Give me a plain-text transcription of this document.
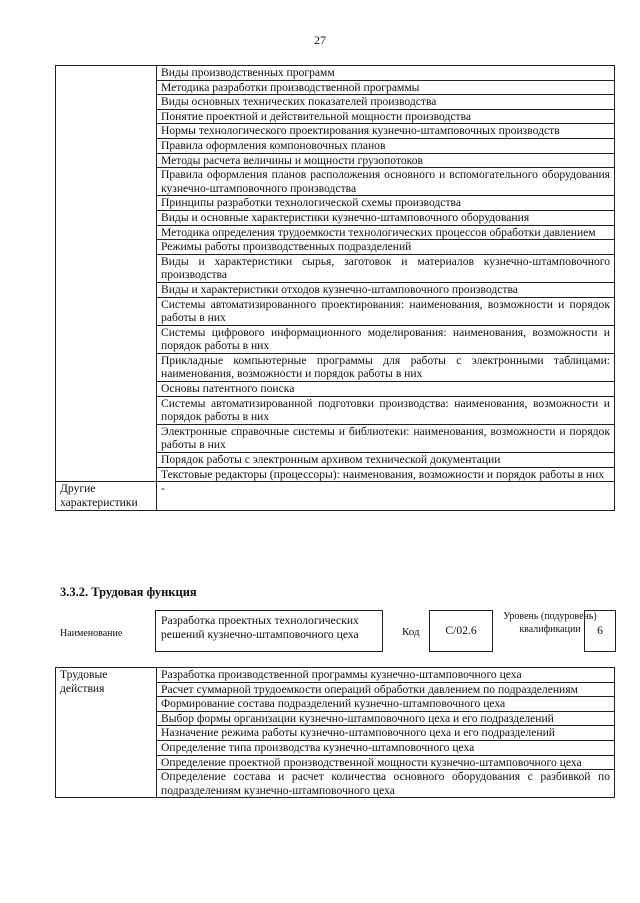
27
	Виды производственных программ
	Методика разработки производственной программы
	Виды основных технических показателей производства
	Понятие проектной и действительной мощности производства
	Нормы технологического проектирования кузнечно-штамповочных производств
	Правила оформления компоновочных планов
	Методы расчета величины и мощности грузопотоков
	Правила оформления планов расположения основного и вспомогательного оборудования кузнечно-штамповочного производства
	Принципы разработки технологической схемы производства
	Виды и основные характеристики кузнечно-штамповочного оборудования
	Методика определения трудоемкости технологических процессов обработки давлением
	Режимы работы производственных подразделений
	Виды и характеристики сырья, заготовок и материалов кузнечно-штамповочного производства
	Виды и характеристики отходов кузнечно-штамповочного производства
	Системы автоматизированного проектирования: наименования, возможности и порядок работы в них
	Системы цифрового информационного моделирования: наименования, возможности и порядок работы в них
	Прикладные компьютерные программы для работы с электронными таблицами: наименования, возможности и порядок работы в них
	Основы патентного поиска
	Системы автоматизированной подготовки производства: наименования, возможности и порядок работы в них
	Электронные справочные системы и библиотеки: наименования, возможности и порядок работы в них
	Порядок работы с электронным архивом технической документации
	Текстовые редакторы (процессоры): наименования, возможности и порядок работы в них
Другие характеристики	-
3.3.2. Трудовая функция
Наименование
Разработка проектных технологических решений кузнечно-штамповочного цеха	Код	С/02.6
Уровень (подуровень) квалификации	6
Трудовые действия	Разработка производственной программы кузнечно-штамповочного цеха
Расчет суммарной трудоемкости операций обработки давлением по подразделениям
Формирование состава подразделений кузнечно-штамповочного цеха
Выбор формы организации кузнечно-штамповочного цеха и его подразделений
Назначение режима работы кузнечно-штамповочного цеха и его подразделений
Определение типа производства кузнечно-штамповочного цеха
Определение проектной производственной мощности кузнечно-штамповочного цеха
Определение состава и расчет количества основного оборудования с разбивкой по подразделениям кузнечно-штамповочного цеха
